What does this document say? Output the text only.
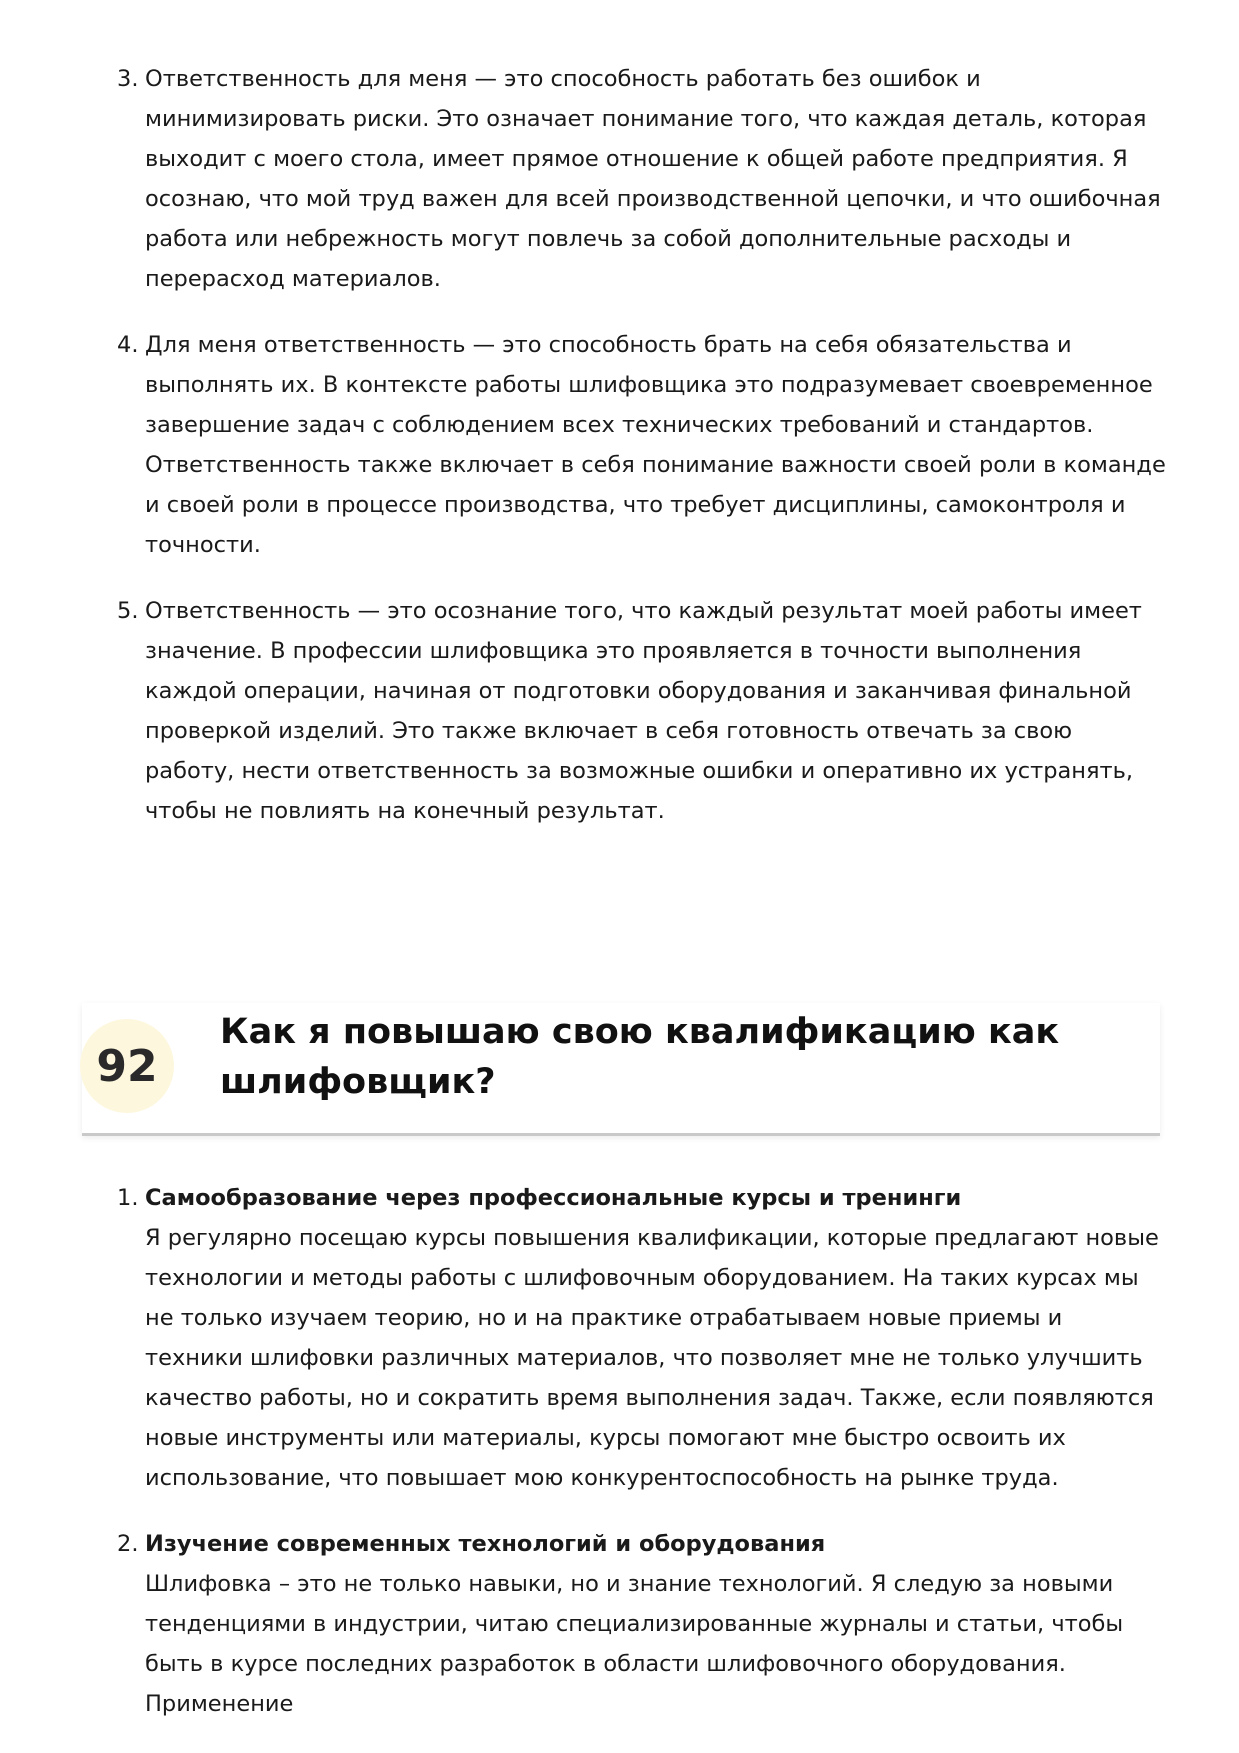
3. Ответственность для меня — это способность работать без ошибок и минимизировать риски. Это означает понимание того, что каждая деталь, которая выходит с моего стола, имеет прямое отношение к общей работе предприятия. Я осознаю, что мой труд важен для всей производственной цепочки, и что ошибочная работа или небрежность могут повлечь за собой дополнительные расходы и перерасход материалов.
4. Для меня ответственность — это способность брать на себя обязательства и выполнять их. В контексте работы шлифовщика это подразумевает своевременное завершение задач с соблюдением всех технических требований и стандартов. Ответственность также включает в себя понимание важности своей роли в команде и своей роли в процессе производства, что требует дисциплины, самоконтроля и точности.
5. Ответственность — это осознание того, что каждый результат моей работы имеет значение. В профессии шлифовщика это проявляется в точности выполнения каждой операции, начиная от подготовки оборудования и заканчивая финальной проверкой изделий. Это также включает в себя готовность отвечать за свою работу, нести ответственность за возможные ошибки и оперативно их устранять, чтобы не повлиять на конечный результат.
92
Как я повышаю свою квалификацию как шлифовщик?
1. Самообразование через профессиональные курсы и тренинги
Я регулярно посещаю курсы повышения квалификации, которые предлагают новые технологии и методы работы с шлифовочным оборудованием. На таких курсах мы не только изучаем теорию, но и на практике отрабатываем новые приемы и техники шлифовки различных материалов, что позволяет мне не только улучшить качество работы, но и сократить время выполнения задач. Также, если появляются новые инструменты или материалы, курсы помогают мне быстро освоить их использование, что повышает мою конкурентоспособность на рынке труда.
2. Изучение современных технологий и оборудования
Шлифовка – это не только навыки, но и знание технологий. Я следую за новыми тенденциями в индустрии, читаю специализированные журналы и статьи, чтобы быть в курсе последних разработок в области шлифовочного оборудования. Применение
